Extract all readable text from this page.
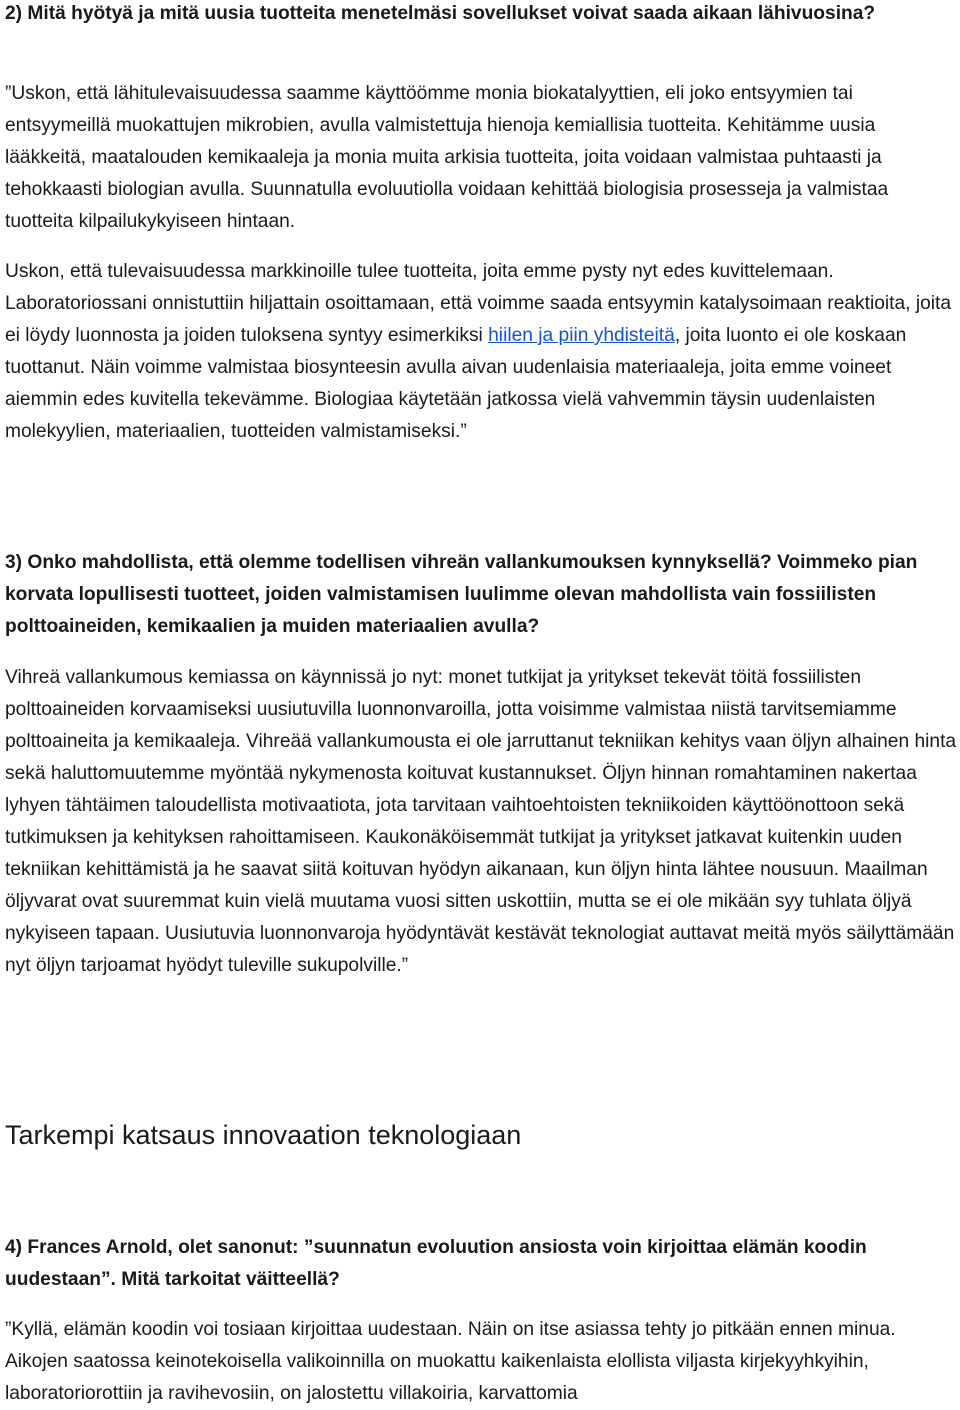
2) Mitä hyötyä ja mitä uusia tuotteita menetelmäsi sovellukset voivat saada aikaan lähivuosina?

”Uskon, että lähitulevaisuudessa saamme käyttöömme monia biokatalyyttien, eli joko entsyymien tai entsyymeillä muokattujen mikrobien, avulla valmistettuja hienoja kemiallisia tuotteita. Kehitämme uusia lääkkeitä, maatalouden kemikaaleja ja monia muita arkisia tuotteita, joita voidaan valmistaa puhtaasti ja tehokkaasti biologian avulla. Suunnatulla evoluutiolla voidaan kehittää biologisia prosesseja ja valmistaa tuotteita kilpailukykyiseen hintaan.

Uskon, että tulevaisuudessa markkinoille tulee tuotteita, joita emme pysty nyt edes kuvittelemaan. Laboratoriossani onnistuttiin hiljattain osoittamaan, että voimme saada entsyymin katalysoimaan reaktioita, joita ei löydy luonnosta ja joiden tuloksena syntyy esimerkiksi hiilen ja piin yhdisteitä, joita luonto ei ole koskaan tuottanut. Näin voimme valmistaa biosynteesin avulla aivan uudenlaisia materiaaleja, joita emme voineet aiemmin edes kuvitella tekevämme. Biologiaa käytetään jatkossa vielä vahvemmin täysin uudenlaisten molekyylien, materiaalien, tuotteiden valmistamiseksi.”

3) Onko mahdollista, että olemme todellisen vihreän vallankumouksen kynnyksellä? Voimmeko pian korvata lopullisesti tuotteet, joiden valmistamisen luulimme olevan mahdollista vain fossiilisten polttoaineiden, kemikaalien ja muiden materiaalien avulla?

Vihreä vallankumous kemiassa on käynnissä jo nyt: monet tutkijat ja yritykset tekevät töitä fossiilisten polttoaineiden korvaamiseksi uusiutuvilla luonnonvaroilla, jotta voisimme valmistaa niistä tarvitsemiamme polttoaineita ja kemikaaleja. Vihreää vallankumousta ei ole jarruttanut tekniikan kehitys vaan öljyn alhainen hinta sekä haluttomuutemme myöntää nykymenosta koituvat kustannukset. Öljyn hinnan romahtaminen nakertaa lyhyen tähtäimen taloudellista motivaatiota, jota tarvitaan vaihtoehtoisten tekniikoiden käyttöönottoon sekä tutkimuksen ja kehityksen rahoittamiseen. Kaukonäköisemmät tutkijat ja yritykset jatkavat kuitenkin uuden tekniikan kehittämistä ja he saavat siitä koituvan hyödyn aikanaan, kun öljyn hinta lähtee nousuun. Maailman öljyvarat ovat suuremmat kuin vielä muutama vuosi sitten uskottiin, mutta se ei ole mikään syy tuhlata öljyä nykyiseen tapaan. Uusiutuvia luonnonvaroja hyödyntävät kestävät teknologiat auttavat meitä myös säilyttämään nyt öljyn tarjoamat hyödyt tuleville sukupolville.”

Tarkempi katsaus innovaation teknologiaan

4) Frances Arnold, olet sanonut: ”suunnatun evoluution ansiosta voin kirjoittaa elämän koodin uudestaan”. Mitä tarkoitat väitteellä?

”Kyllä, elämän koodin voi tosiaan kirjoittaa uudestaan. Näin on itse asiassa tehty jo pitkään ennen minua. Aikojen saatossa keinotekoisella valikoinnilla on muokattu kaikenlaista elollista viljasta kirjekyyhkyihin, laboratoriorottiin ja ravihevosiin, on jalostettu villakoiria, karvattomia
